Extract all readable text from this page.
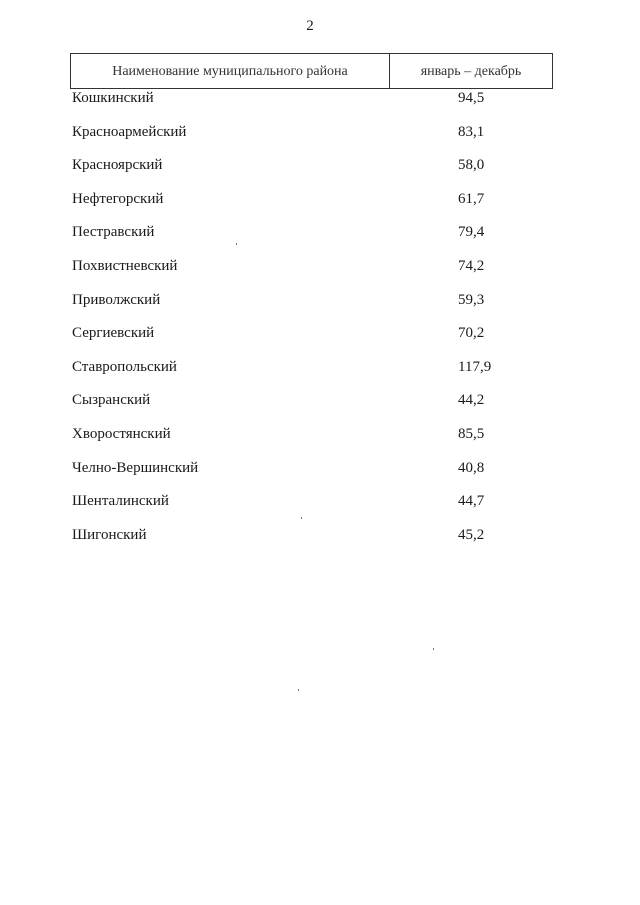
2
Наименование муниципального района	январь – декабрь
Кошкинский	94,5
Красноармейский	83,1
Красноярский	58,0
Нефтегорский	61,7
Пестравский	79,4
Похвистневский	74,2
Приволжский	59,3
Сергиевский	70,2
Ставропольский	117,9
Сызранский	44,2
Хворостянский	85,5
Челно-Вершинский	40,8
Шенталинский	44,7
Шигонский	45,2
